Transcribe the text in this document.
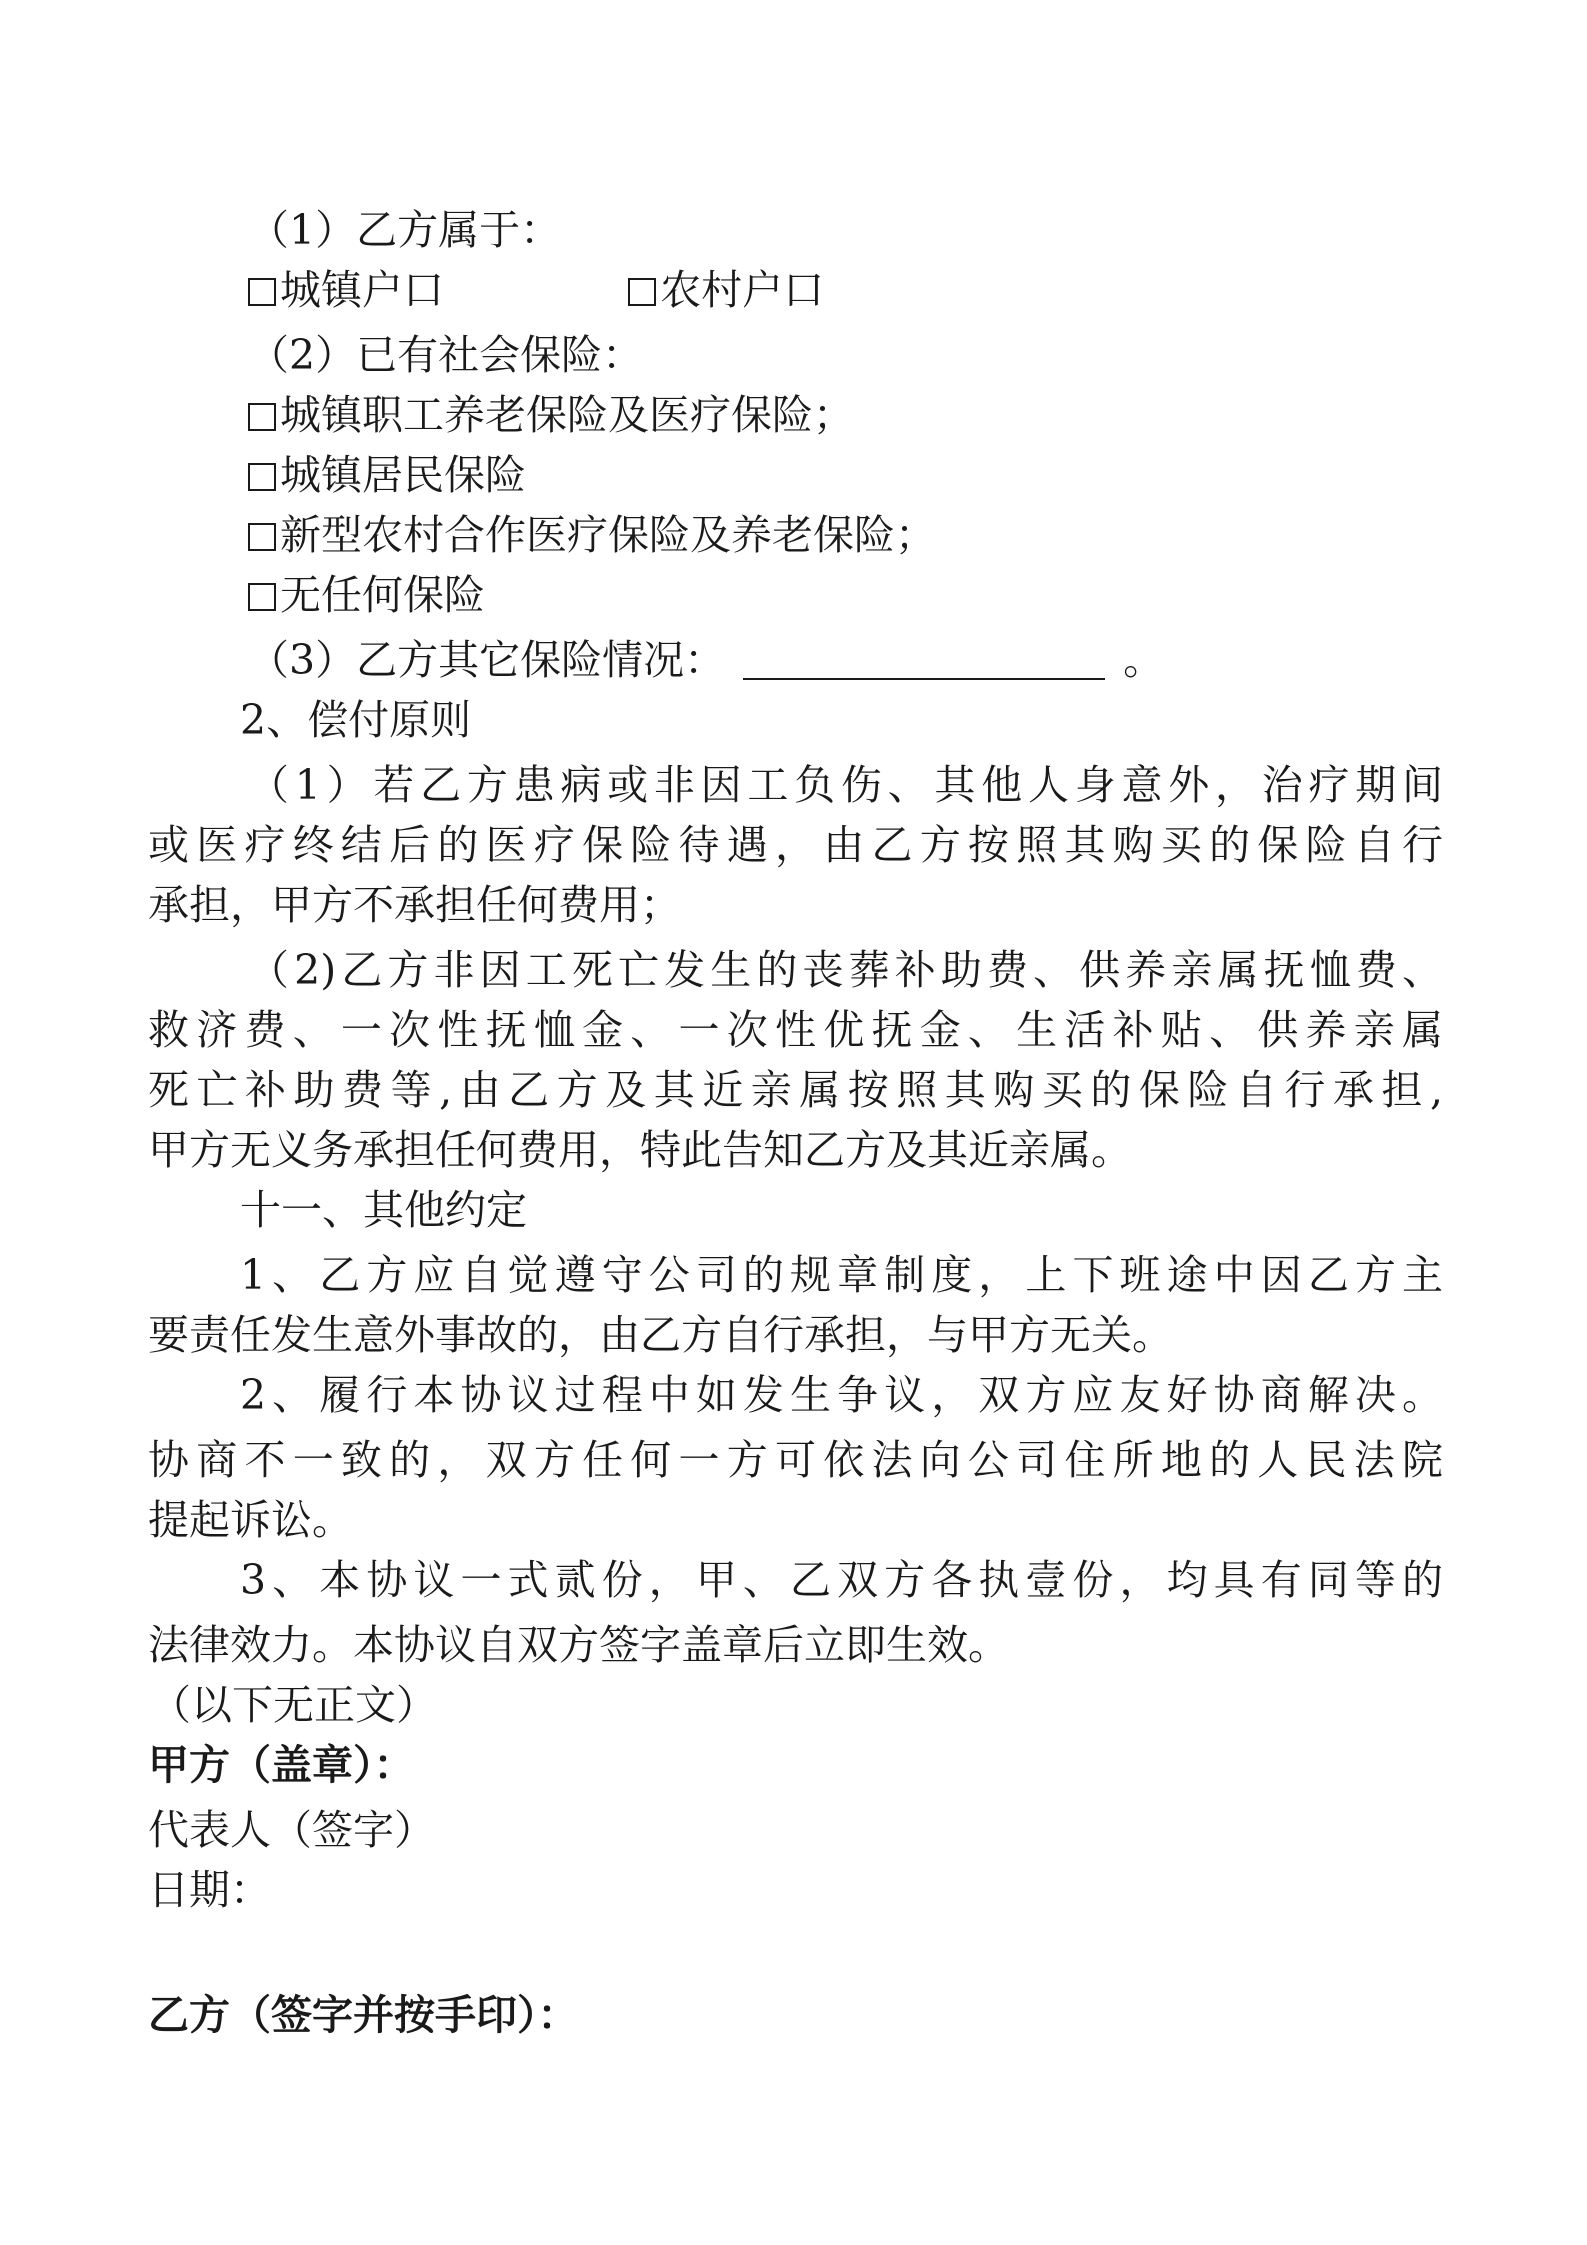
（1）乙方属于：

城镇户口	农村户口

（2）已有社会保险：

城镇职工养老保险及医疗保险；

城镇居民保险

新型农村合作医疗保险及养老保险；

无任何保险

（3）乙方其它保险情况：	。

2、偿付原则

（1）若乙方患病或非因工负伤、其他人身意外，治疗期间

或医疗终结后的医疗保险待遇，由乙方按照其购买的保险自行

承担，甲方不承担任何费用；

（2)乙方非因工死亡发生的丧葬补助费、供养亲属抚恤费、

救济费、一次性抚恤金、一次性优抚金、生活补贴、供养亲属

死亡补助费等,由乙方及其近亲属按照其购买的保险自行承担,

甲方无义务承担任何费用，特此告知乙方及其近亲属。

十一、其他约定

1、乙方应自觉遵守公司的规章制度，上下班途中因乙方主

要责任发生意外事故的，由乙方自行承担，与甲方无关。

2、履行本协议过程中如发生争议，双方应友好协商解决。

协商不一致的，双方任何一方可依法向公司住所地的人民法院

提起诉讼。

3、本协议一式贰份，甲、乙双方各执壹份，均具有同等的

法律效力。本协议自双方签字盖章后立即生效。

（以下无正文）

甲方（盖章）：

代表人（签字）

日期：

乙方（签字并按手印）：
